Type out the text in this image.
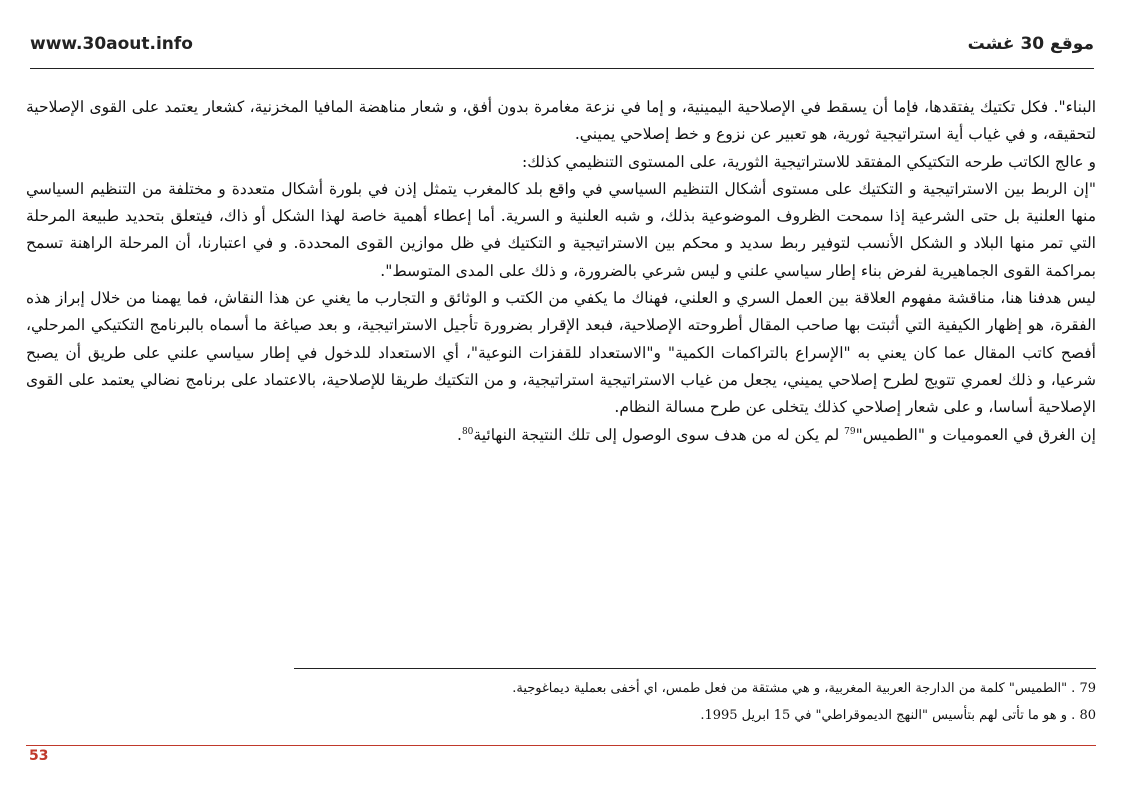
www.30aout.info	موقع 30 غشت

البناء". فكل تكتيك يفتقدها، فإما أن يسقط في الإصلاحية اليمينية، و إما في نزعة مغامرة بدون أفق، و شعار مناهضة المافيا المخزنية، كشعار يعتمد على القوى الإصلاحية لتحقيقه، و في غياب أية استراتيجية ثورية، هو تعبير عن نزوع و خط إصلاحي يميني.

و عالج الكاتب طرحه التكتيكي المفتقد للاستراتيجية الثورية، على المستوى التنظيمي كذلك:

"إن الربط بين الاستراتيجية و التكتيك على مستوى أشكال التنظيم السياسي في واقع بلد كالمغرب يتمثل إذن في بلورة أشكال متعددة و مختلفة من التنظيم السياسي منها العلنية بل حتى الشرعية إذا سمحت الظروف الموضوعية بذلك، و شبه العلنية و السرية. أما إعطاء أهمية خاصة لهذا الشكل أو ذاك، فيتعلق بتحديد طبيعة المرحلة التي تمر منها البلاد و الشكل الأنسب لتوفير ربط سديد و محكم بين الاستراتيجية و التكتيك في ظل موازين القوى المحددة. و في اعتبارنا، أن المرحلة الراهنة تسمح بمراكمة القوى الجماهيرية لفرض بناء إطار سياسي علني و ليس شرعي بالضرورة، و ذلك على المدى المتوسط".

ليس هدفنا هنا، مناقشة مفهوم العلاقة بين العمل السري و العلني، فهناك ما يكفي من الكتب و الوثائق و التجارب ما يغني عن هذا النقاش، فما يهمنا من خلال إبراز هذه الفقرة، هو إظهار الكيفية التي أثبتت بها صاحب المقال أطروحته الإصلاحية، فبعد الإقرار بضرورة تأجيل الاستراتيجية، و بعد صياغة ما أسماه بالبرنامج التكتيكي المرحلي، أفصح كاتب المقال عما كان يعني به "الإسراع بالتراكمات الكمية" و"الاستعداد للقفزات النوعية"، أي الاستعداد للدخول في إطار سياسي علني على طريق أن يصبح شرعيا، و ذلك لعمري تتويج لطرح إصلاحي يميني، يجعل من غياب الاستراتيجية استراتيجية، و من التكتيك طريقا للإصلاحية، بالاعتماد على برنامج نضالي يعتمد على القوى الإصلاحية أساسا، و على شعار إصلاحي كذلك يتخلى عن طرح مسالة النظام.

إن الغرق في العموميات و "الطميس"$^{79}$ لم يكن له من هدف سوى الوصول إلى تلك النتيجة النهائية$^{80}$.

79 . "الطميس" كلمة من الدارجة العربية المغربية، و هي مشتقة من فعل طمس، اي أخفى بعملية ديماغوجية.

80 . و هو ما تأتى لهم بتأسيس "النهج الديموقراطي" في 15 ابريل 1995.

53
